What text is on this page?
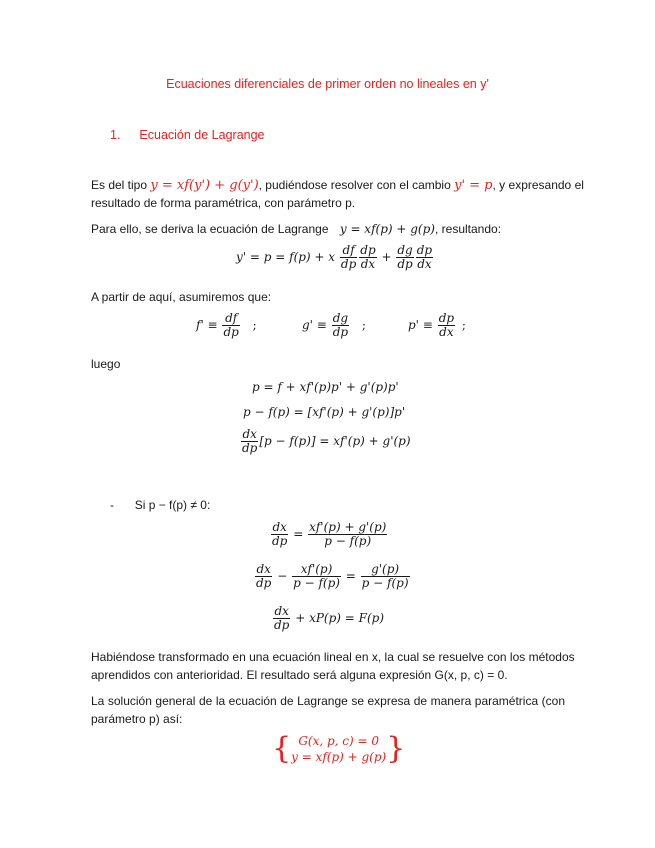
Ecuaciones diferenciales de primer orden no lineales en y'
1. Ecuación de Lagrange
Es del tipo y = xf(y') + g(y'), pudiéndose resolver con el cambio y' = p, y expresando el
resultado de forma paramétrica, con parámetro p.
Para ello, se deriva la ecuación de Lagrange y = xf(p) + g(p), resultando:
y' = p = f(p) + x $\frac{df}{dp} \frac{dp}{dx} + \frac{dg}{dp} \frac{dp}{dx}$
A partir de aquí, asumiremos que:
$f' \equiv \frac{df}{dp}$ ;	$g' \equiv \frac{dg}{dp}$ ;	$p' \equiv \frac{dp}{dx}$ ;
luego
p = f + xf'(p)p' + g'(p)p'
p − f(p) = [xf'(p) + g'(p)]p'
$\frac{dx}{dp} [p - f(p)] = xf'(p) + g'(p)$
- Si p − f(p) ≠ 0:
$\frac{dx}{dp} = \frac{xf'(p) + g'(p)}{p - f(p)}$
$\frac{dx}{dp} - \frac{xf'(p)}{p - f(p)} = \frac{g'(p)}{p - f(p)}$
$\frac{dx}{dp} + xP(p) = F(p)$
Habiéndose transformado en una ecuación lineal en x, la cual se resuelve con los métodos
aprendidos con anterioridad. El resultado será alguna expresión G(x, p, c) = 0.
La solución general de la ecuación de Lagrange se expresa de manera paramétrica (con
parámetro p) así:
{ G(x, p, c) = 0
y = xf(p) + g(p) }
